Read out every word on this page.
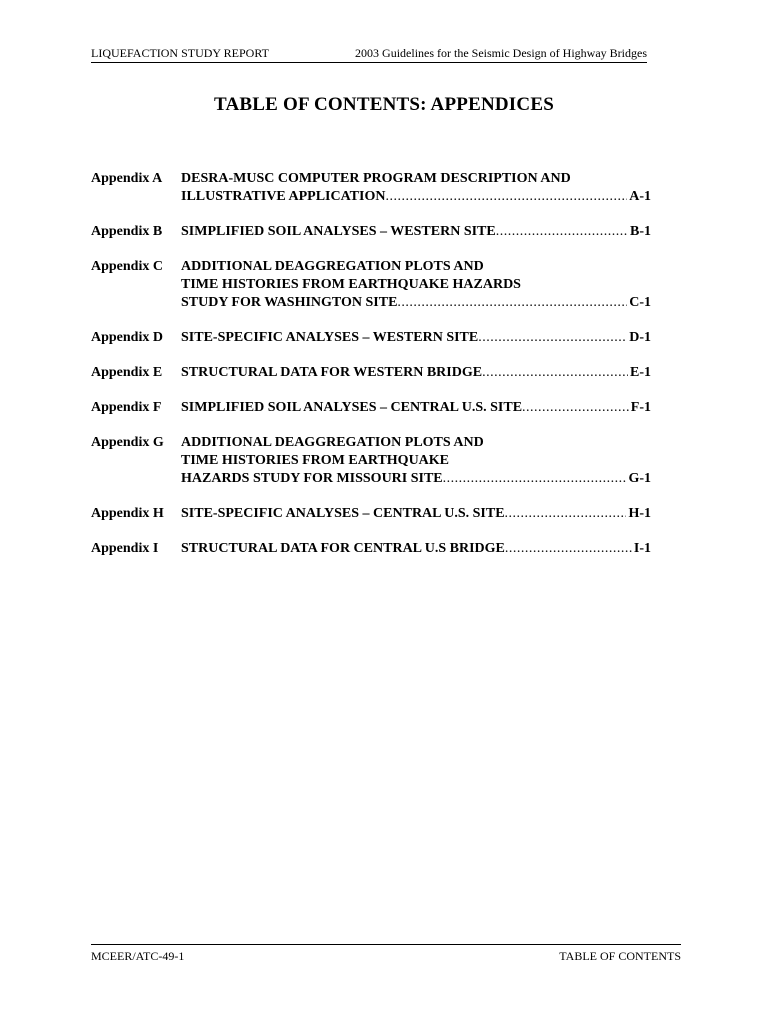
LIQUEFACTION STUDY REPORT	2003 Guidelines for the Seismic Design of Highway Bridges
TABLE OF CONTENTS: APPENDICES
Appendix A	DESRA-MUSC COMPUTER PROGRAM DESCRIPTION AND
ILLUSTRATIVE APPLICATION .....	A-1
Appendix B	SIMPLIFIED SOIL ANALYSES – WESTERN SITE .....	B-1
Appendix C	ADDITIONAL DEAGGREGATION PLOTS AND
TIME HISTORIES FROM EARTHQUAKE HAZARDS
STUDY FOR WASHINGTON SITE .....	C-1
Appendix D	SITE-SPECIFIC ANALYSES – WESTERN SITE .....	D-1
Appendix E	STRUCTURAL DATA FOR WESTERN BRIDGE .....	E-1
Appendix F	SIMPLIFIED SOIL ANALYSES – CENTRAL U.S. SITE .....	F-1
Appendix G	ADDITIONAL DEAGGREGATION PLOTS AND
TIME HISTORIES FROM EARTHQUAKE
HAZARDS STUDY FOR MISSOURI SITE .....	G-1
Appendix H	SITE-SPECIFIC ANALYSES – CENTRAL U.S. SITE .....	H-1
Appendix I	STRUCTURAL DATA FOR CENTRAL U.S BRIDGE .....	I-1
MCEER/ATC-49-1	TABLE OF CONTENTS
